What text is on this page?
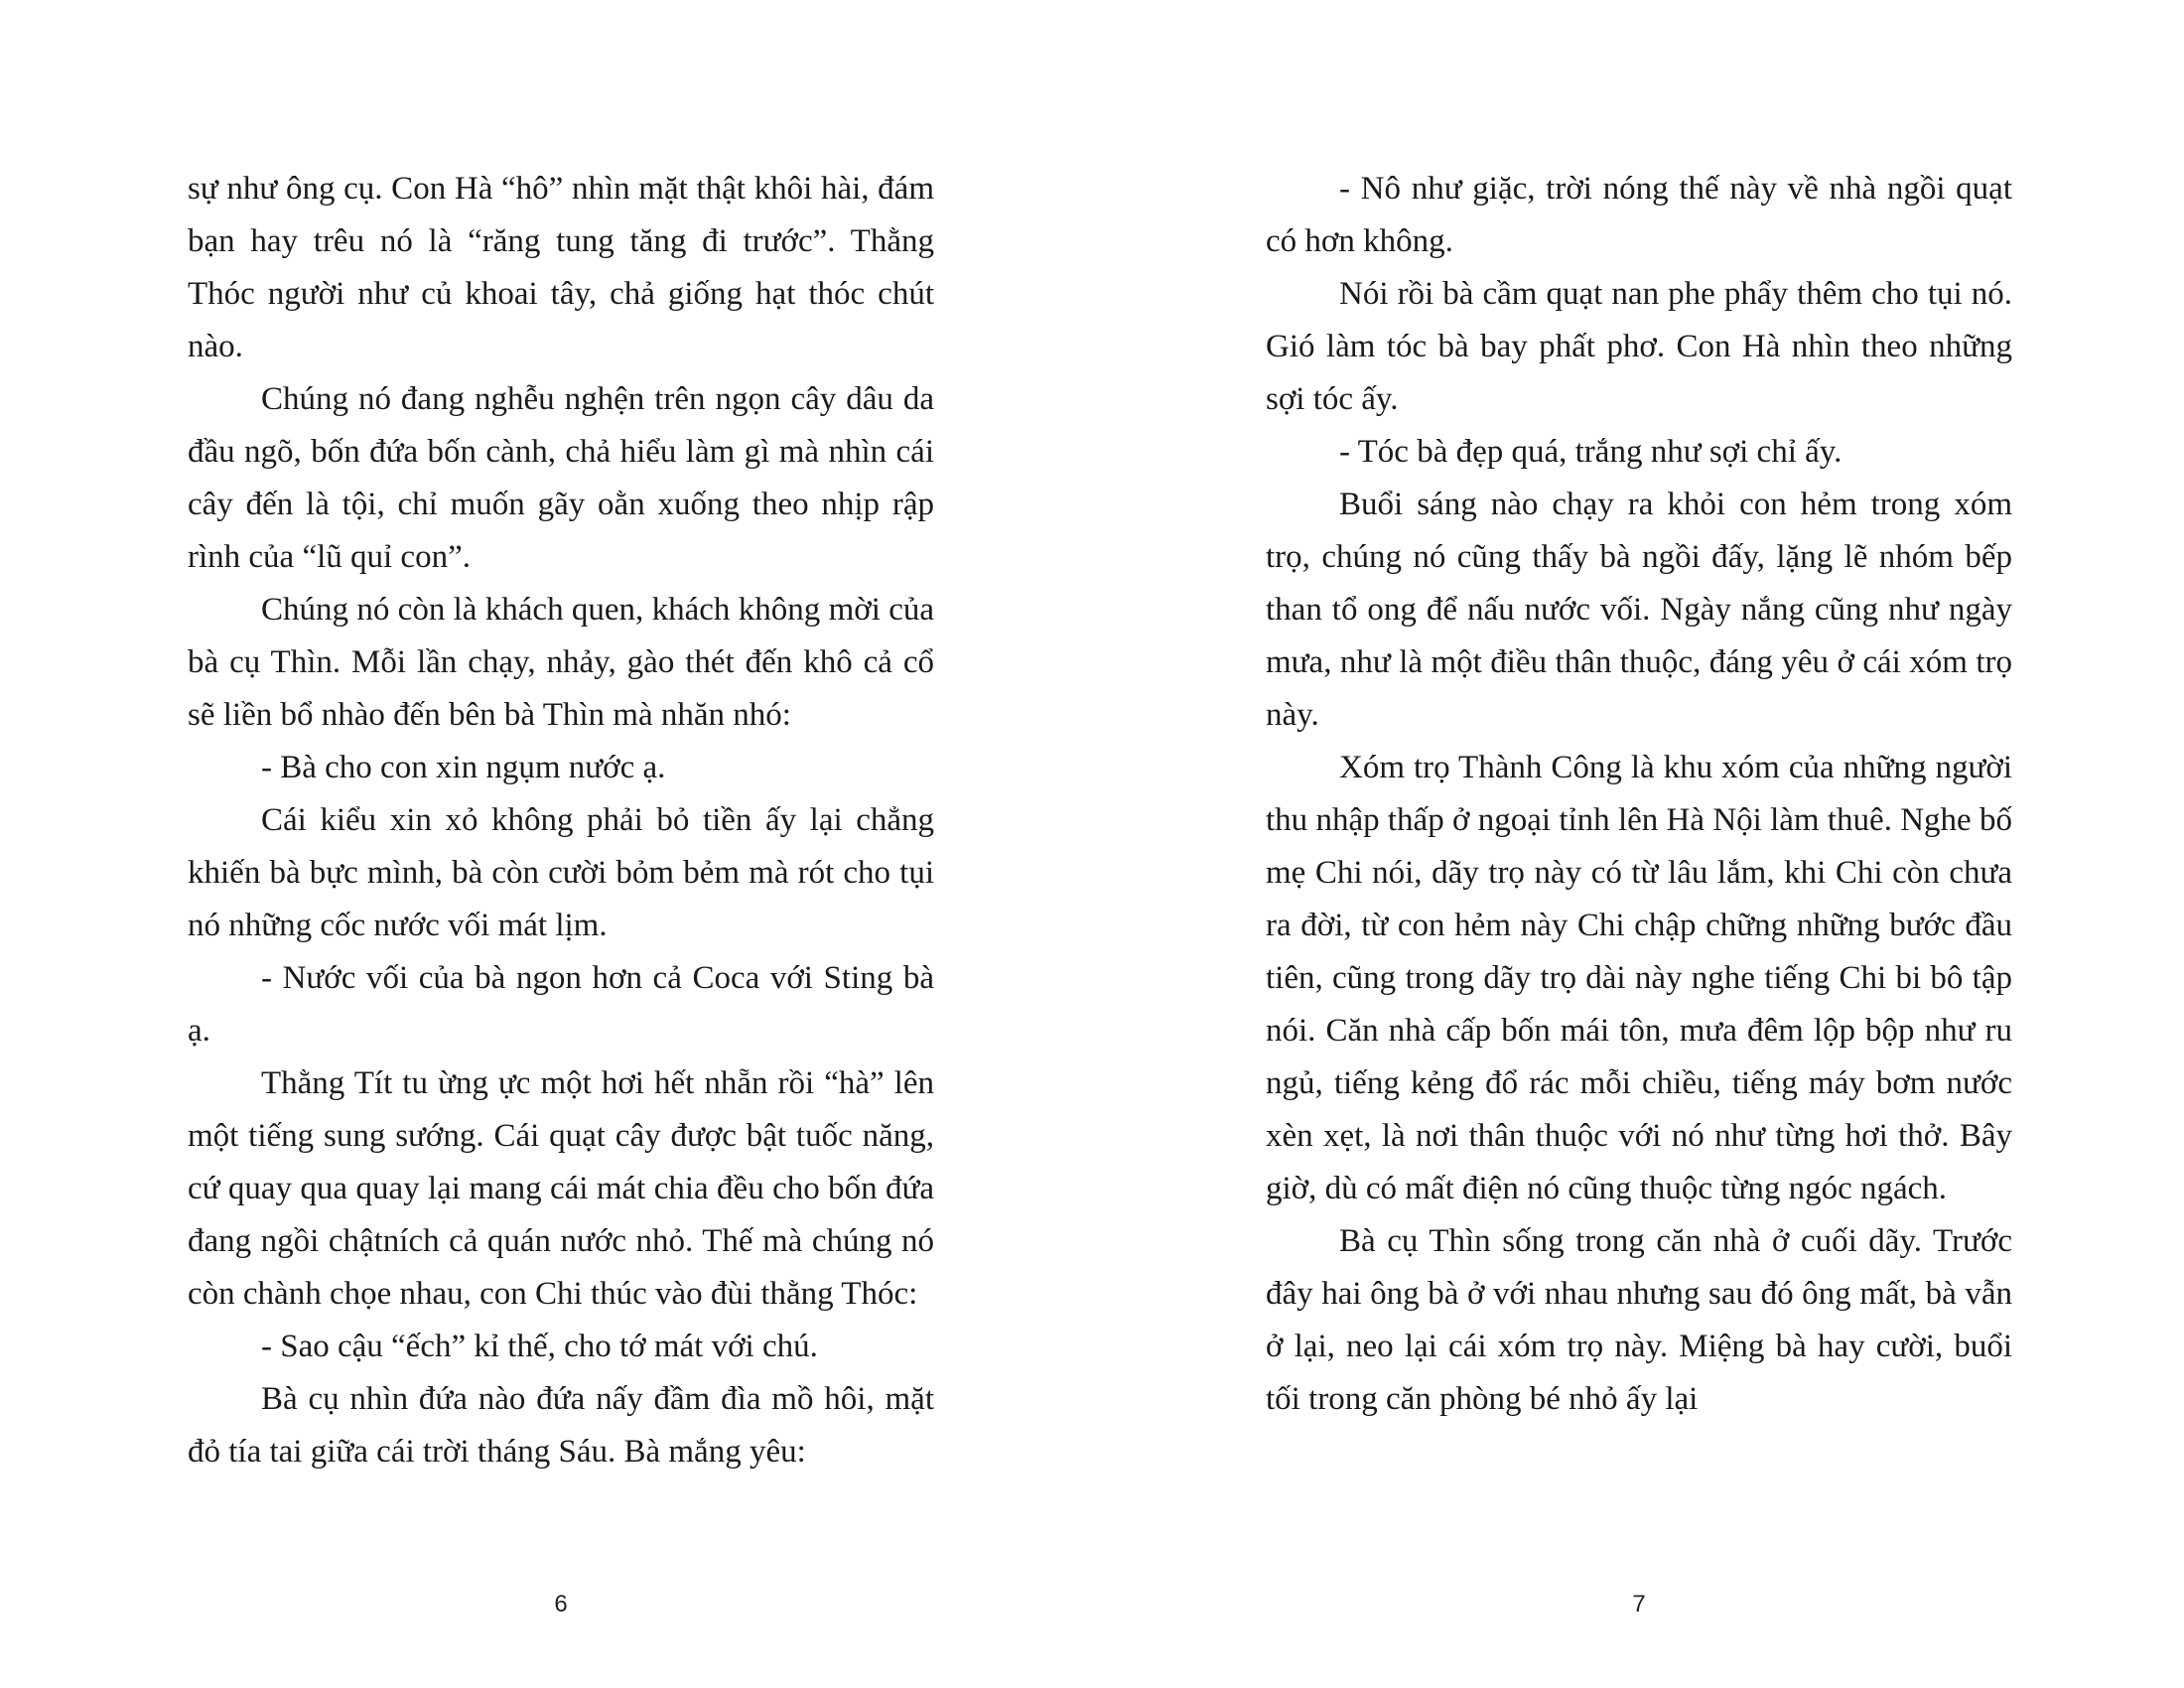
sự như ông cụ. Con Hà “hô” nhìn mặt thật khôi hài, đám bạn hay trêu nó là “răng tung tăng đi trước”. Thằng Thóc người như củ khoai tây, chả giống hạt thóc chút nào.

Chúng nó đang nghễu nghện trên ngọn cây dâu da đầu ngõ, bốn đứa bốn cành, chả hiểu làm gì mà nhìn cái cây đến là tội, chỉ muốn gãy oằn xuống theo nhịp rập rình của “lũ quỉ con”.

Chúng nó còn là khách quen, khách không mời của bà cụ Thìn. Mỗi lần chạy, nhảy, gào thét đến khô cả cổ sẽ liền bổ nhào đến bên bà Thìn mà nhăn nhó:

- Bà cho con xin ngụm nước ạ.

Cái kiểu xin xỏ không phải bỏ tiền ấy lại chẳng khiến bà bực mình, bà còn cười bỏm bẻm mà rót cho tụi nó những cốc nước vối mát lịm.

- Nước vối của bà ngon hơn cả Coca với Sting bà ạ.

Thằng Tít tu ừng ực một hơi hết nhẵn rồi “hà” lên một tiếng sung sướng. Cái quạt cây được bật tuốc năng, cứ quay qua quay lại mang cái mát chia đều cho bốn đứa đang ngồi chậtních cả quán nước nhỏ. Thế mà chúng nó còn chành chọe nhau, con Chi thúc vào đùi thằng Thóc:

- Sao cậu “ếch” kỉ thế, cho tớ mát với chú.

Bà cụ nhìn đứa nào đứa nấy đầm đìa mồ hôi, mặt đỏ tía tai giữa cái trời tháng Sáu. Bà mắng yêu:

6

- Nô như giặc, trời nóng thế này về nhà ngồi quạt có hơn không.

Nói rồi bà cầm quạt nan phe phẩy thêm cho tụi nó. Gió làm tóc bà bay phất phơ. Con Hà nhìn theo những sợi tóc ấy.

- Tóc bà đẹp quá, trắng như sợi chỉ ấy.

Buổi sáng nào chạy ra khỏi con hẻm trong xóm trọ, chúng nó cũng thấy bà ngồi đấy, lặng lẽ nhóm bếp than tổ ong để nấu nước vối. Ngày nắng cũng như ngày mưa, như là một điều thân thuộc, đáng yêu ở cái xóm trọ này.

Xóm trọ Thành Công là khu xóm của những người thu nhập thấp ở ngoại tỉnh lên Hà Nội làm thuê. Nghe bố mẹ Chi nói, dãy trọ này có từ lâu lắm, khi Chi còn chưa ra đời, từ con hẻm này Chi chập chững những bước đầu tiên, cũng trong dãy trọ dài này nghe tiếng Chi bi bô tập nói. Căn nhà cấp bốn mái tôn, mưa đêm lộp bộp như ru ngủ, tiếng kẻng đổ rác mỗi chiều, tiếng máy bơm nước xèn xẹt, là nơi thân thuộc với nó như từng hơi thở. Bây giờ, dù có mất điện nó cũng thuộc từng ngóc ngách.

Bà cụ Thìn sống trong căn nhà ở cuối dãy. Trước đây hai ông bà ở với nhau nhưng sau đó ông mất, bà vẫn ở lại, neo lại cái xóm trọ này. Miệng bà hay cười, buổi tối trong căn phòng bé nhỏ ấy lại

7
